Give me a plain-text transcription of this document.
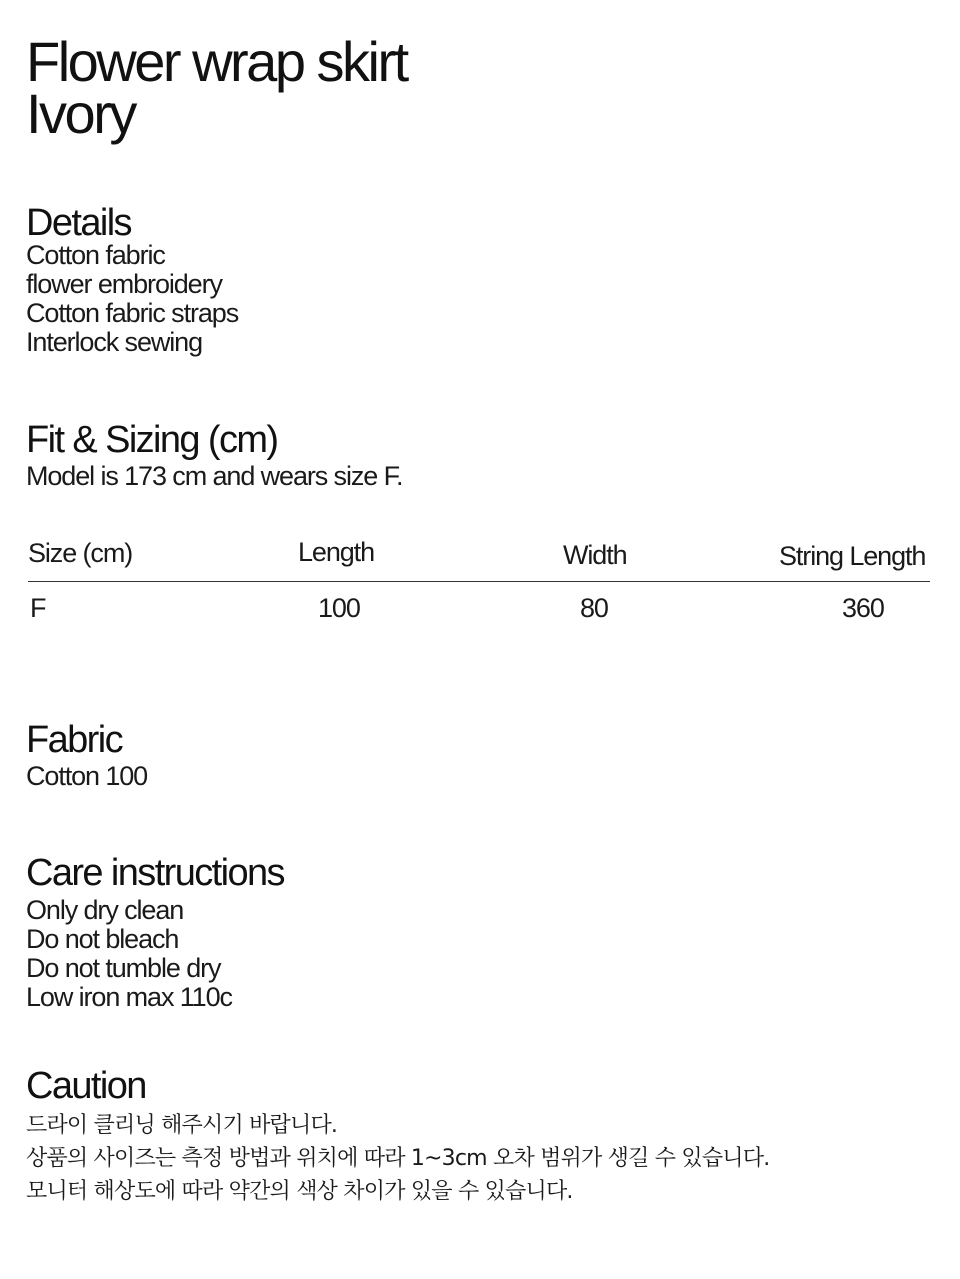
Flower wrap skirt
Ivory
Details
Cotton fabric
flower embroidery
Cotton fabric straps
Interlock sewing
Fit & Sizing (cm)

Model is 173 cm and wears size F.

Size (cm)	Length	Width	String Length
F	100	80	360
Fabric

Cotton 100

Care instructions
Only dry clean
Do not bleach
Do not tumble dry
Low iron max 110c
Caution
드라이 클리닝 해주시기 바랍니다.
상품의 사이즈는 측정 방법과 위치에 따라 1~3cm 오차 범위가 생길 수 있습니다.
모니터 해상도에 따라 약간의 색상 차이가 있을 수 있습니다.
